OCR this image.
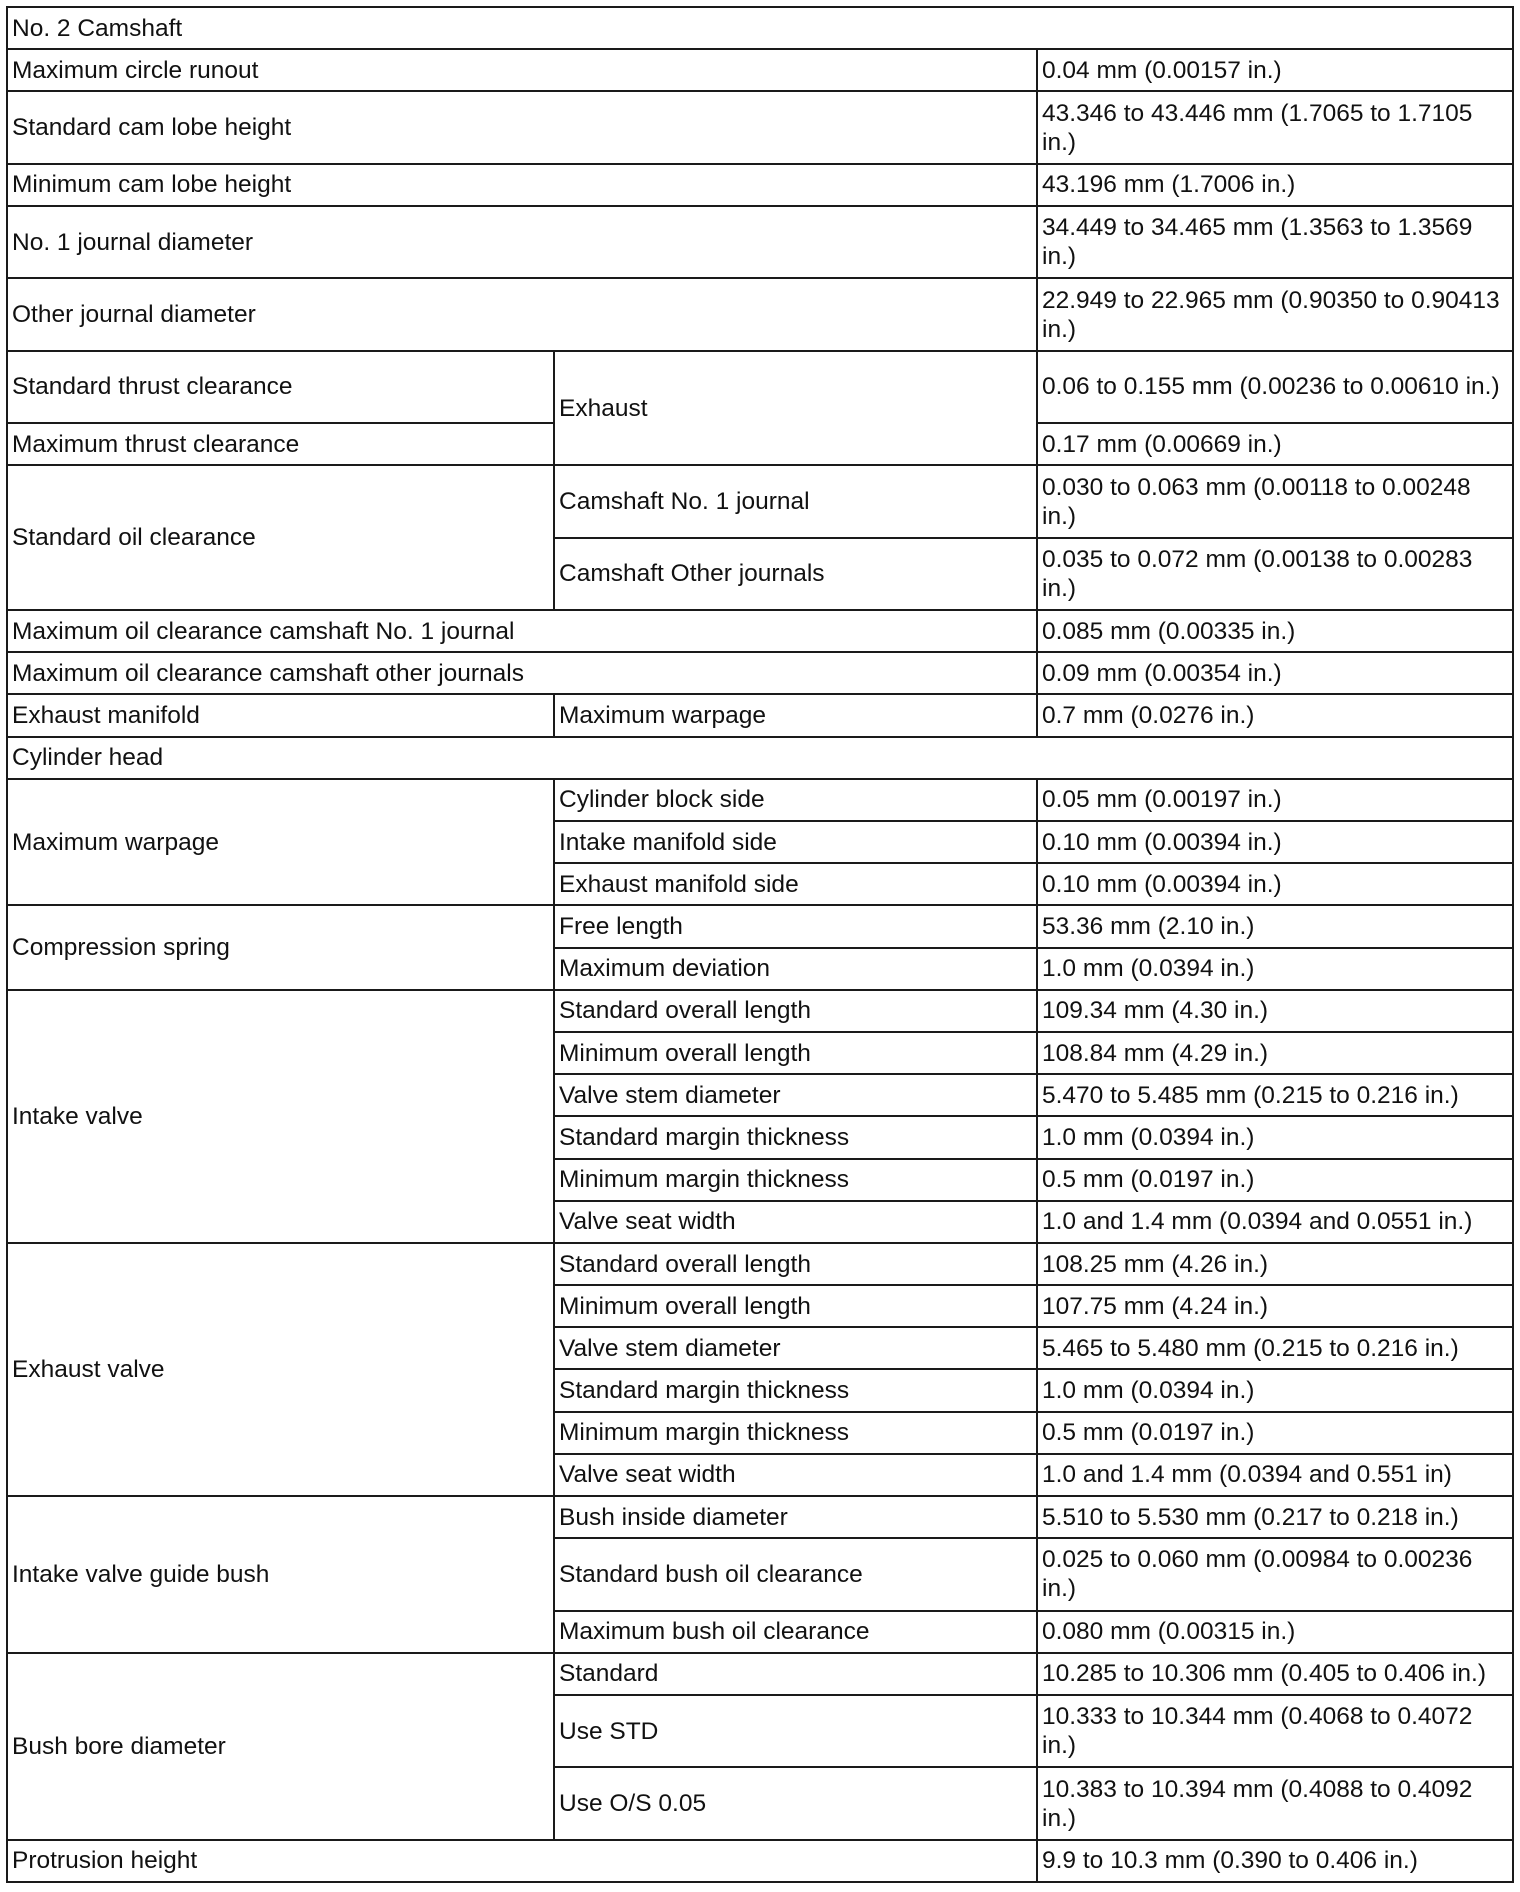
No. 2 Camshaft		
Maximum circle runout		0.04 mm (0.00157 in.)
Standard cam lobe height		43.346 to 43.446 mm (1.7065 to 1.7105 in.)
Minimum cam lobe height		43.196 mm (1.7006 in.)
No. 1 journal diameter		34.449 to 34.465 mm (1.3563 to 1.3569 in.)
Other journal diameter		22.949 to 22.965 mm (0.90350 to 0.90413 in.)
Standard thrust clearance	Exhaust	0.06 to 0.155 mm (0.00236 to 0.00610 in.)
Maximum thrust clearance		0.17 mm (0.00669 in.)
Standard oil clearance	Camshaft No. 1 journal	0.030 to 0.063 mm (0.00118 to 0.00248 in.)
	Camshaft Other journals	0.035 to 0.072 mm (0.00138 to 0.00283 in.)
Maximum oil clearance camshaft No. 1 journal		0.085 mm (0.00335 in.)
Maximum oil clearance camshaft other journals		0.09 mm (0.00354 in.)
Exhaust manifold	Maximum warpage	0.7 mm (0.0276 in.)
Cylinder head		
Maximum warpage	Cylinder block side	0.05 mm (0.00197 in.)
	Intake manifold side	0.10 mm (0.00394 in.)
	Exhaust manifold side	0.10 mm (0.00394 in.)
Compression spring	Free length	53.36 mm (2.10 in.)
	Maximum deviation	1.0 mm (0.0394 in.)
Intake valve	Standard overall length	109.34 mm (4.30 in.)
	Minimum overall length	108.84 mm (4.29 in.)
	Valve stem diameter	5.470 to 5.485 mm (0.215 to 0.216 in.)
	Standard margin thickness	1.0 mm (0.0394 in.)
	Minimum margin thickness	0.5 mm (0.0197 in.)
	Valve seat width	1.0 and 1.4 mm (0.0394 and 0.0551 in.)
Exhaust valve	Standard overall length	108.25 mm (4.26 in.)
	Minimum overall length	107.75 mm (4.24 in.)
	Valve stem diameter	5.465 to 5.480 mm (0.215 to 0.216 in.)
	Standard margin thickness	1.0 mm (0.0394 in.)
	Minimum margin thickness	0.5 mm (0.0197 in.)
	Valve seat width	1.0 and 1.4 mm (0.0394 and 0.551 in)
Intake valve guide bush	Bush inside diameter	5.510 to 5.530 mm (0.217 to 0.218 in.)
	Standard bush oil clearance	0.025 to 0.060 mm (0.00984 to 0.00236 in.)
	Maximum bush oil clearance	0.080 mm (0.00315 in.)
Bush bore diameter	Standard	10.285 to 10.306 mm (0.405 to 0.406 in.)
	Use STD	10.333 to 10.344 mm (0.4068 to 0.4072 in.)
	Use O/S 0.05	10.383 to 10.394 mm (0.4088 to 0.4092 in.)
Protrusion height		9.9 to 10.3 mm (0.390 to 0.406 in.)
